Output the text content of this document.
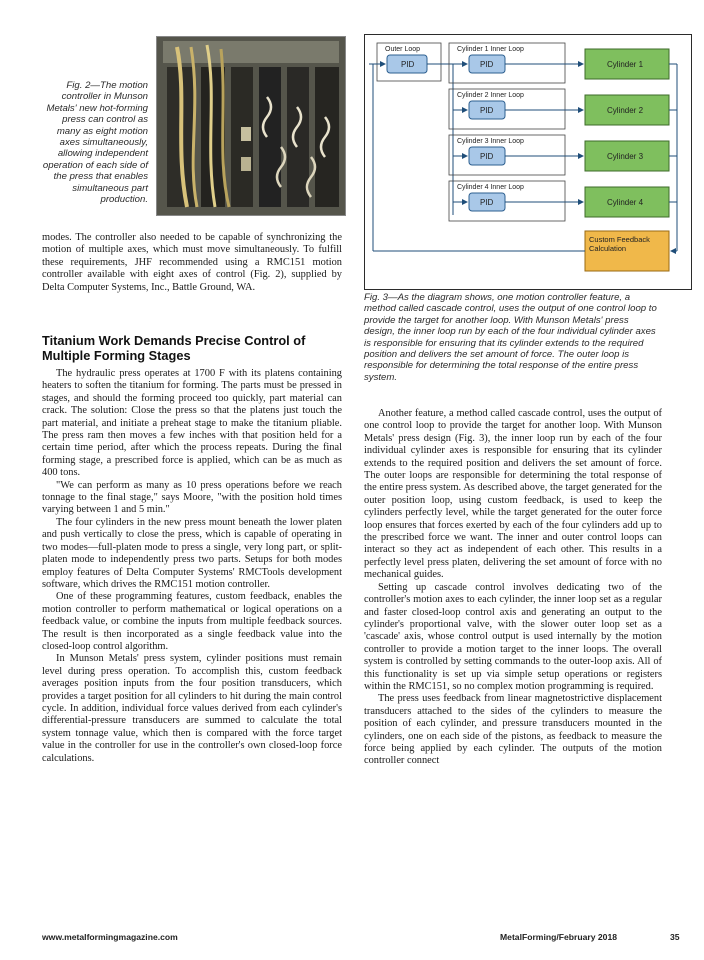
Fig. 2—The motion controller in Munson Metals' new hot-forming press can control as many as eight motion axes simultaneously, allowing independent operation of each side of the press that enables simultaneous part production.
Outer Loop
PID
Cylinder 1 Inner Loop
PID	Cylinder 1
Cylinder 2 Inner Loop
PID	Cylinder 2
Cylinder 3 Inner Loop
PID	Cylinder 3
Cylinder 4 Inner Loop
PID	Cylinder 4
Custom Feedback Calculation
Fig. 3—As the diagram shows, one motion controller feature, a method called cascade control, uses the output of one control loop to provide the target for another loop. With Munson Metals' press design, the inner loop run by each of the four individual cylinder axes is responsible for ensuring that its cylinder extends to the required position and delivers the set amount of force. The outer loop is responsible for determining the total response of the entire press system.

modes. The controller also needed to be capable of synchronizing the motion of multiple axes, which must move simultaneously. To fulfill these requirements, JHF recommended using a RMC151 motion controller available with eight axes of control (Fig. 2), supplied by Delta Computer Systems, Inc., Battle Ground, WA.

Titanium Work Demands Precise Control of Multiple Forming Stages

The hydraulic press operates at 1700 F with its platens containing heaters to soften the titanium for forming. The parts must be pressed in stages, and should the forming proceed too quickly, part material can crack. The solution: Close the press so that the platens just touch the part material, and initiate a preheat stage to make the titanium pliable. The press ram then moves a few inches with that position held for a certain time period, after which the process repeats. During the final forming stage, a prescribed force is applied, which can be as much as 400 tons.

"We can perform as many as 10 press operations before we reach tonnage to the final stage," says Moore, "with the position hold times varying between 1 and 5 min."

The four cylinders in the new press mount beneath the lower platen and push vertically to close the press, which is capable of operating in two modes—full-platen mode to press a single, very long part, or split-platen mode to independently press two parts. Setups for both modes employ features of Delta Computer Systems' RMCTools development software, which drives the RMC151 motion controller.

One of these programming features, custom feedback, enables the motion controller to perform mathematical or logical operations on a feedback value, or combine the inputs from multiple feedback sources. The result is then incorporated as a single feedback value into the closed-loop control algorithm.

In Munson Metals' press system, cylinder positions must remain level during press operation. To accomplish this, custom feedback averages position inputs from the four position transducers, which provides a target position for all cylinders to hit during the main control cycle. In addition, individual force values derived from each cylinder's differential-pressure transducers are summed to calculate the total system tonnage value, which then is compared with the force target value in the controller for use in the controller's own closed-loop force calculations.

Another feature, a method called cascade control, uses the output of one control loop to provide the target for another loop. With Munson Metals' press design (Fig. 3), the inner loop run by each of the four individual cylinder axes is responsible for ensuring that its cylinder extends to the required position and delivers the set amount of force. The outer loops are responsible for determining the total response of the entire press system. As described above, the target generated for the outer position loop, using custom feedback, is used to keep the cylinders perfectly level, while the target generated for the outer force loop ensures that forces exerted by each of the four cylinders add up to the prescribed force we want. The inner and outer control loops can interact so they act as independent of each other. This results in a perfectly level press platen, delivering the set amount of force with no mechanical guides.

Setting up cascade control involves dedicating two of the controller's motion axes to each cylinder, the inner loop set as a regular and faster closed-loop control axis and generating an output to the cylinder's proportional valve, with the slower outer loop set as a 'cascade' axis, whose control output is used internally by the motion controller to provide a motion target to the inner loops. The overall system is controlled by setting commands to the outer-loop axis. All of this functionality is set up via simple setup operations or registers within the RMC151, so no complex motion programming is required.

The press uses feedback from linear magnetostrictive displacement transducers attached to the sides of the cylinders to measure the position of each cylinder, and pressure transducers mounted in the cylinders, one on each side of the pistons, as feedback to measure the force being applied by each cylinder. The outputs of the motion controller connect

www.metalformingmagazine.com	MetalForming/February 2018	35
